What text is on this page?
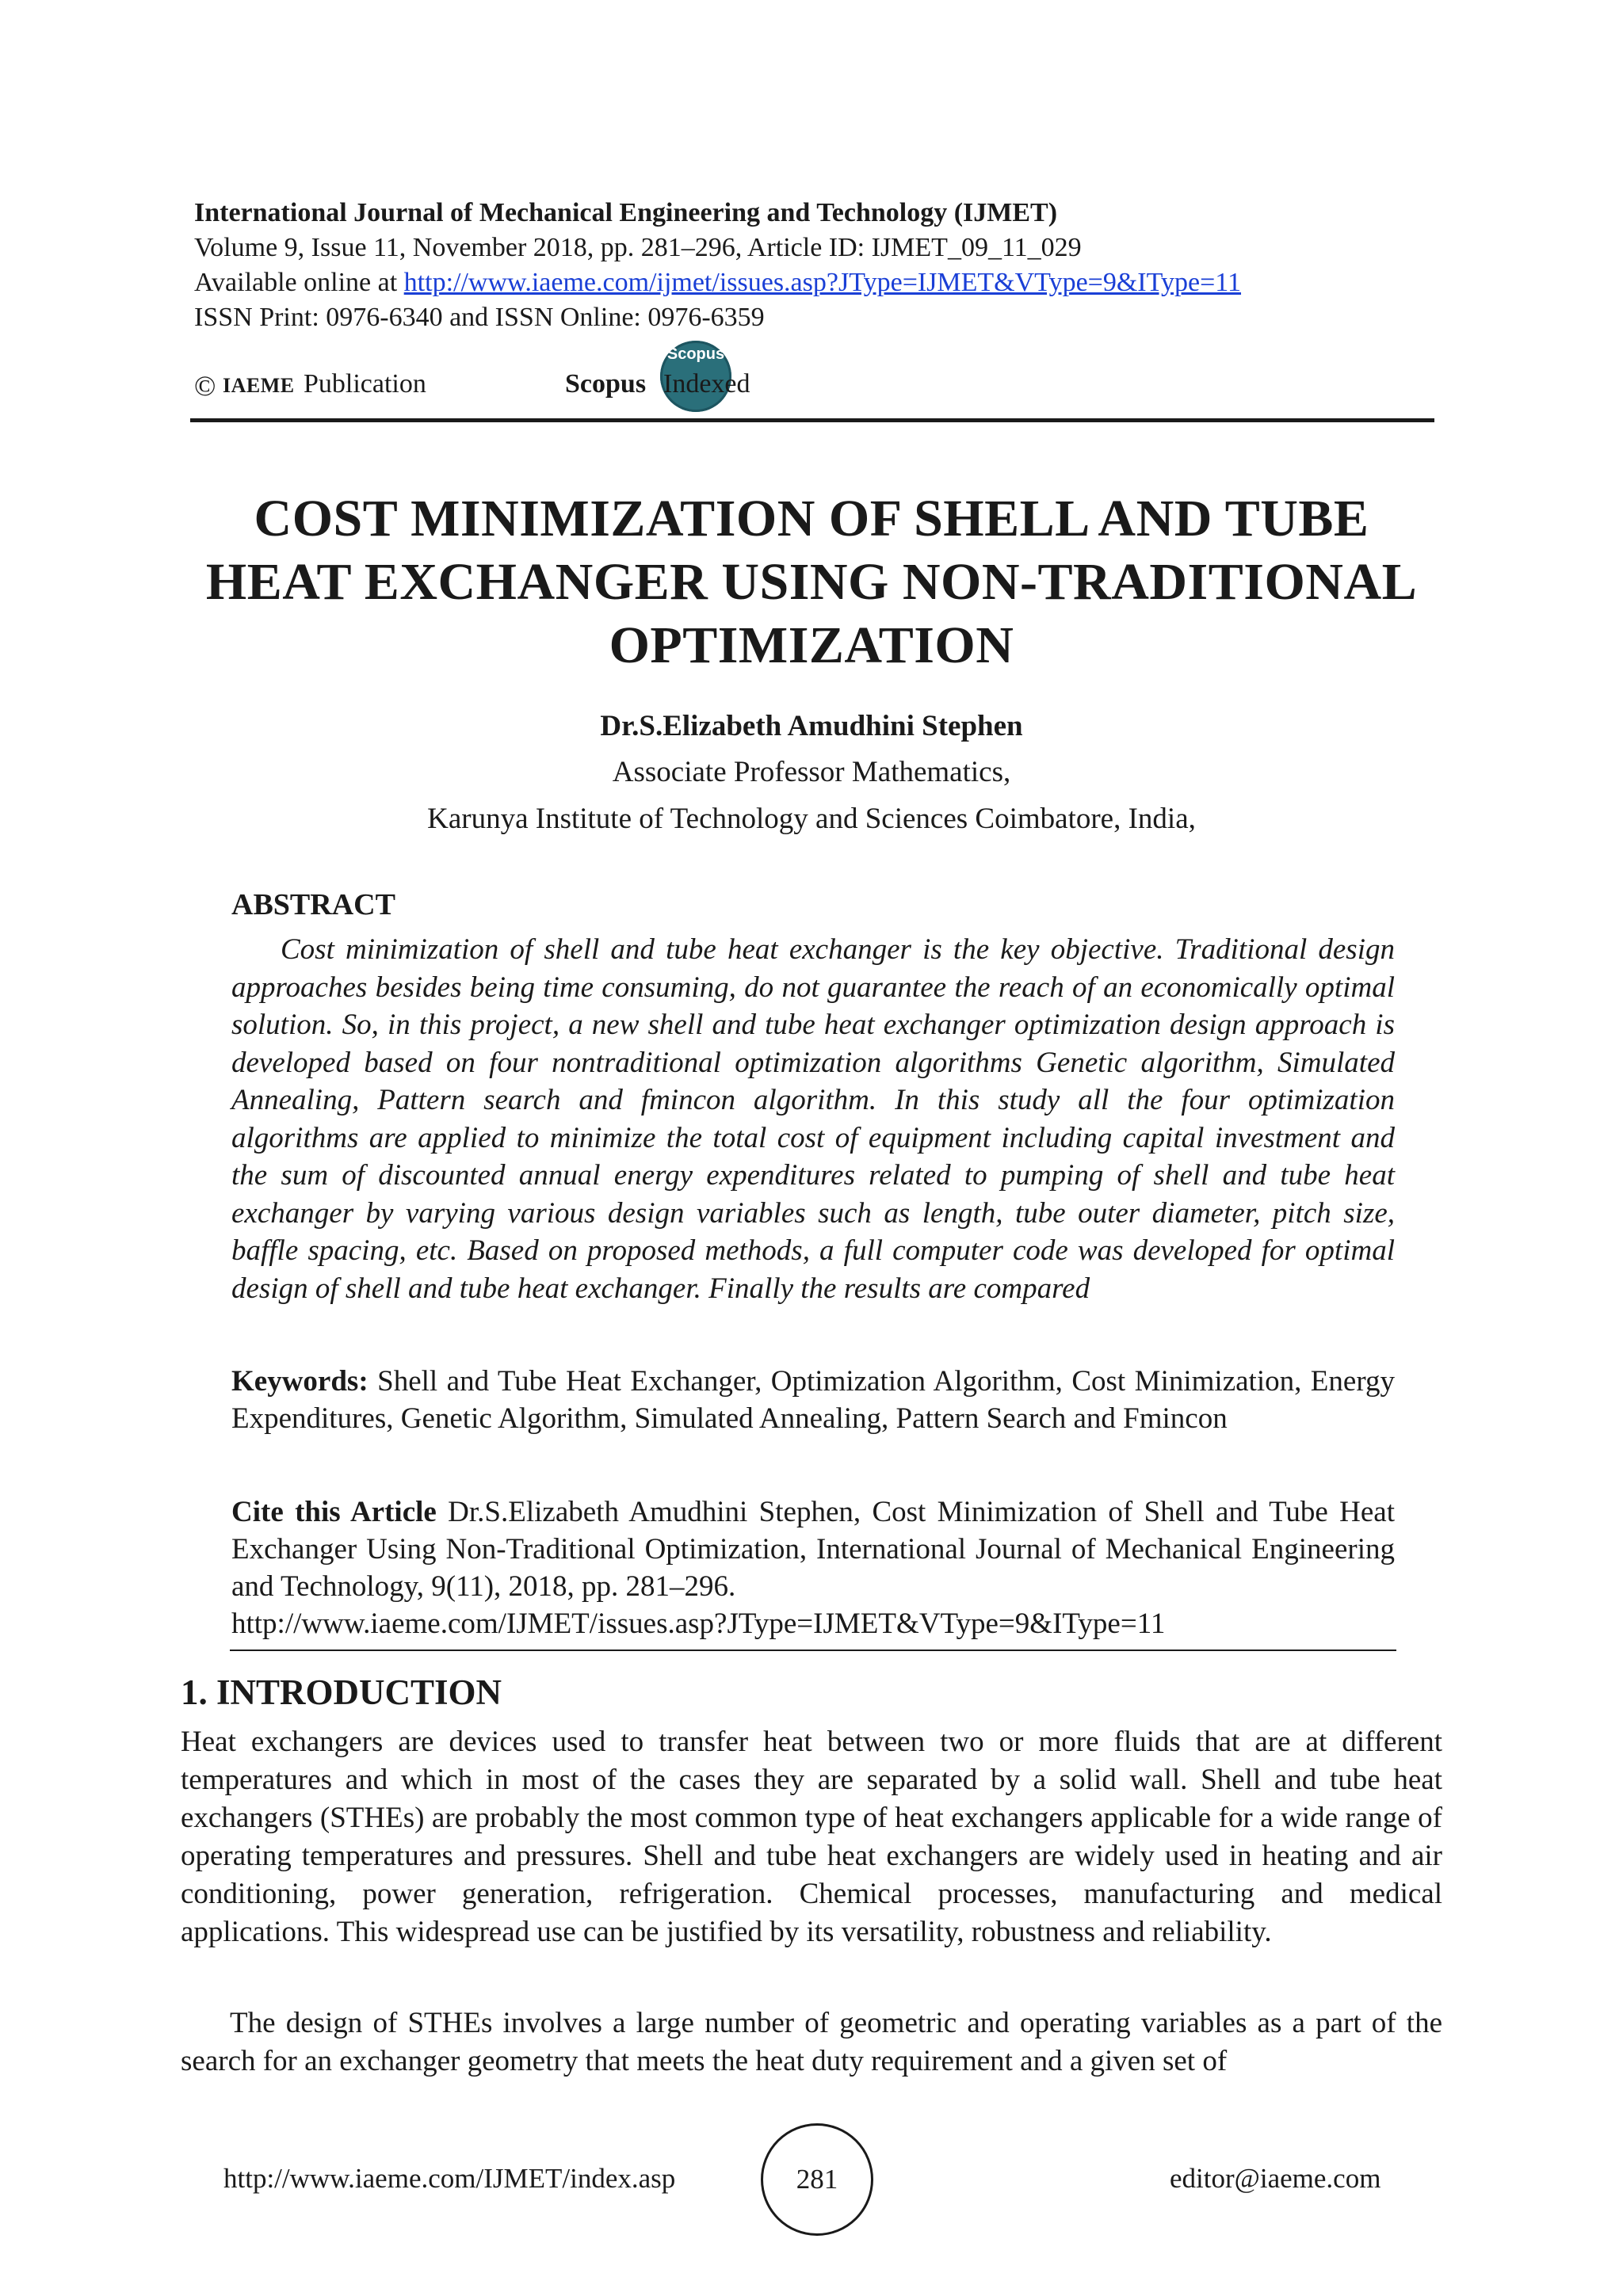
International Journal of Mechanical Engineering and Technology (IJMET)
Volume 9, Issue 11, November 2018, pp. 281–296, Article ID: IJMET_09_11_029
Available online at http://www.iaeme.com/ijmet/issues.asp?JType=IJMET&VType=9&IType=11
ISSN Print: 0976-6340 and ISSN Online: 0976-6359
© IAEME Publication
Scopus
Scopus Indexed
COST MINIMIZATION OF SHELL AND TUBE
HEAT EXCHANGER USING NON-TRADITIONAL
OPTIMIZATION
Dr.S.Elizabeth Amudhini Stephen
Associate Professor Mathematics,
Karunya Institute of Technology and Sciences Coimbatore, India,
ABSTRACT
Cost minimization of shell and tube heat exchanger is the key objective. Traditional design approaches besides being time consuming, do not guarantee the reach of an economically optimal solution. So, in this project, a new shell and tube heat exchanger optimization design approach is developed based on four nontraditional optimization algorithms Genetic algorithm, Simulated Annealing, Pattern search and fmincon algorithm. In this study all the four optimization algorithms are applied to minimize the total cost of equipment including capital investment and the sum of discounted annual energy expenditures related to pumping of shell and tube heat exchanger by varying various design variables such as length, tube outer diameter, pitch size, baffle spacing, etc. Based on proposed methods, a full computer code was developed for optimal design of shell and tube heat exchanger. Finally the results are compared
Keywords: Shell and Tube Heat Exchanger, Optimization Algorithm, Cost Minimization, Energy Expenditures, Genetic Algorithm, Simulated Annealing, Pattern Search and Fmincon
Cite this Article Dr.S.Elizabeth Amudhini Stephen, Cost Minimization of Shell and Tube Heat Exchanger Using Non-Traditional Optimization, International Journal of Mechanical Engineering and Technology, 9(11), 2018, pp. 281–296.
http://www.iaeme.com/IJMET/issues.asp?JType=IJMET&VType=9&IType=11
1. INTRODUCTION
Heat exchangers are devices used to transfer heat between two or more fluids that are at different temperatures and which in most of the cases they are separated by a solid wall. Shell and tube heat exchangers (STHEs) are probably the most common type of heat exchangers applicable for a wide range of operating temperatures and pressures. Shell and tube heat exchangers are widely used in heating and air conditioning, power generation, refrigeration. Chemical processes, manufacturing and medical applications. This widespread use can be justified by its versatility, robustness and reliability.
The design of STHEs involves a large number of geometric and operating variables as a part of the search for an exchanger geometry that meets the heat duty requirement and a given set of
http://www.iaeme.com/IJMET/index.asp	281	editor@iaeme.com
